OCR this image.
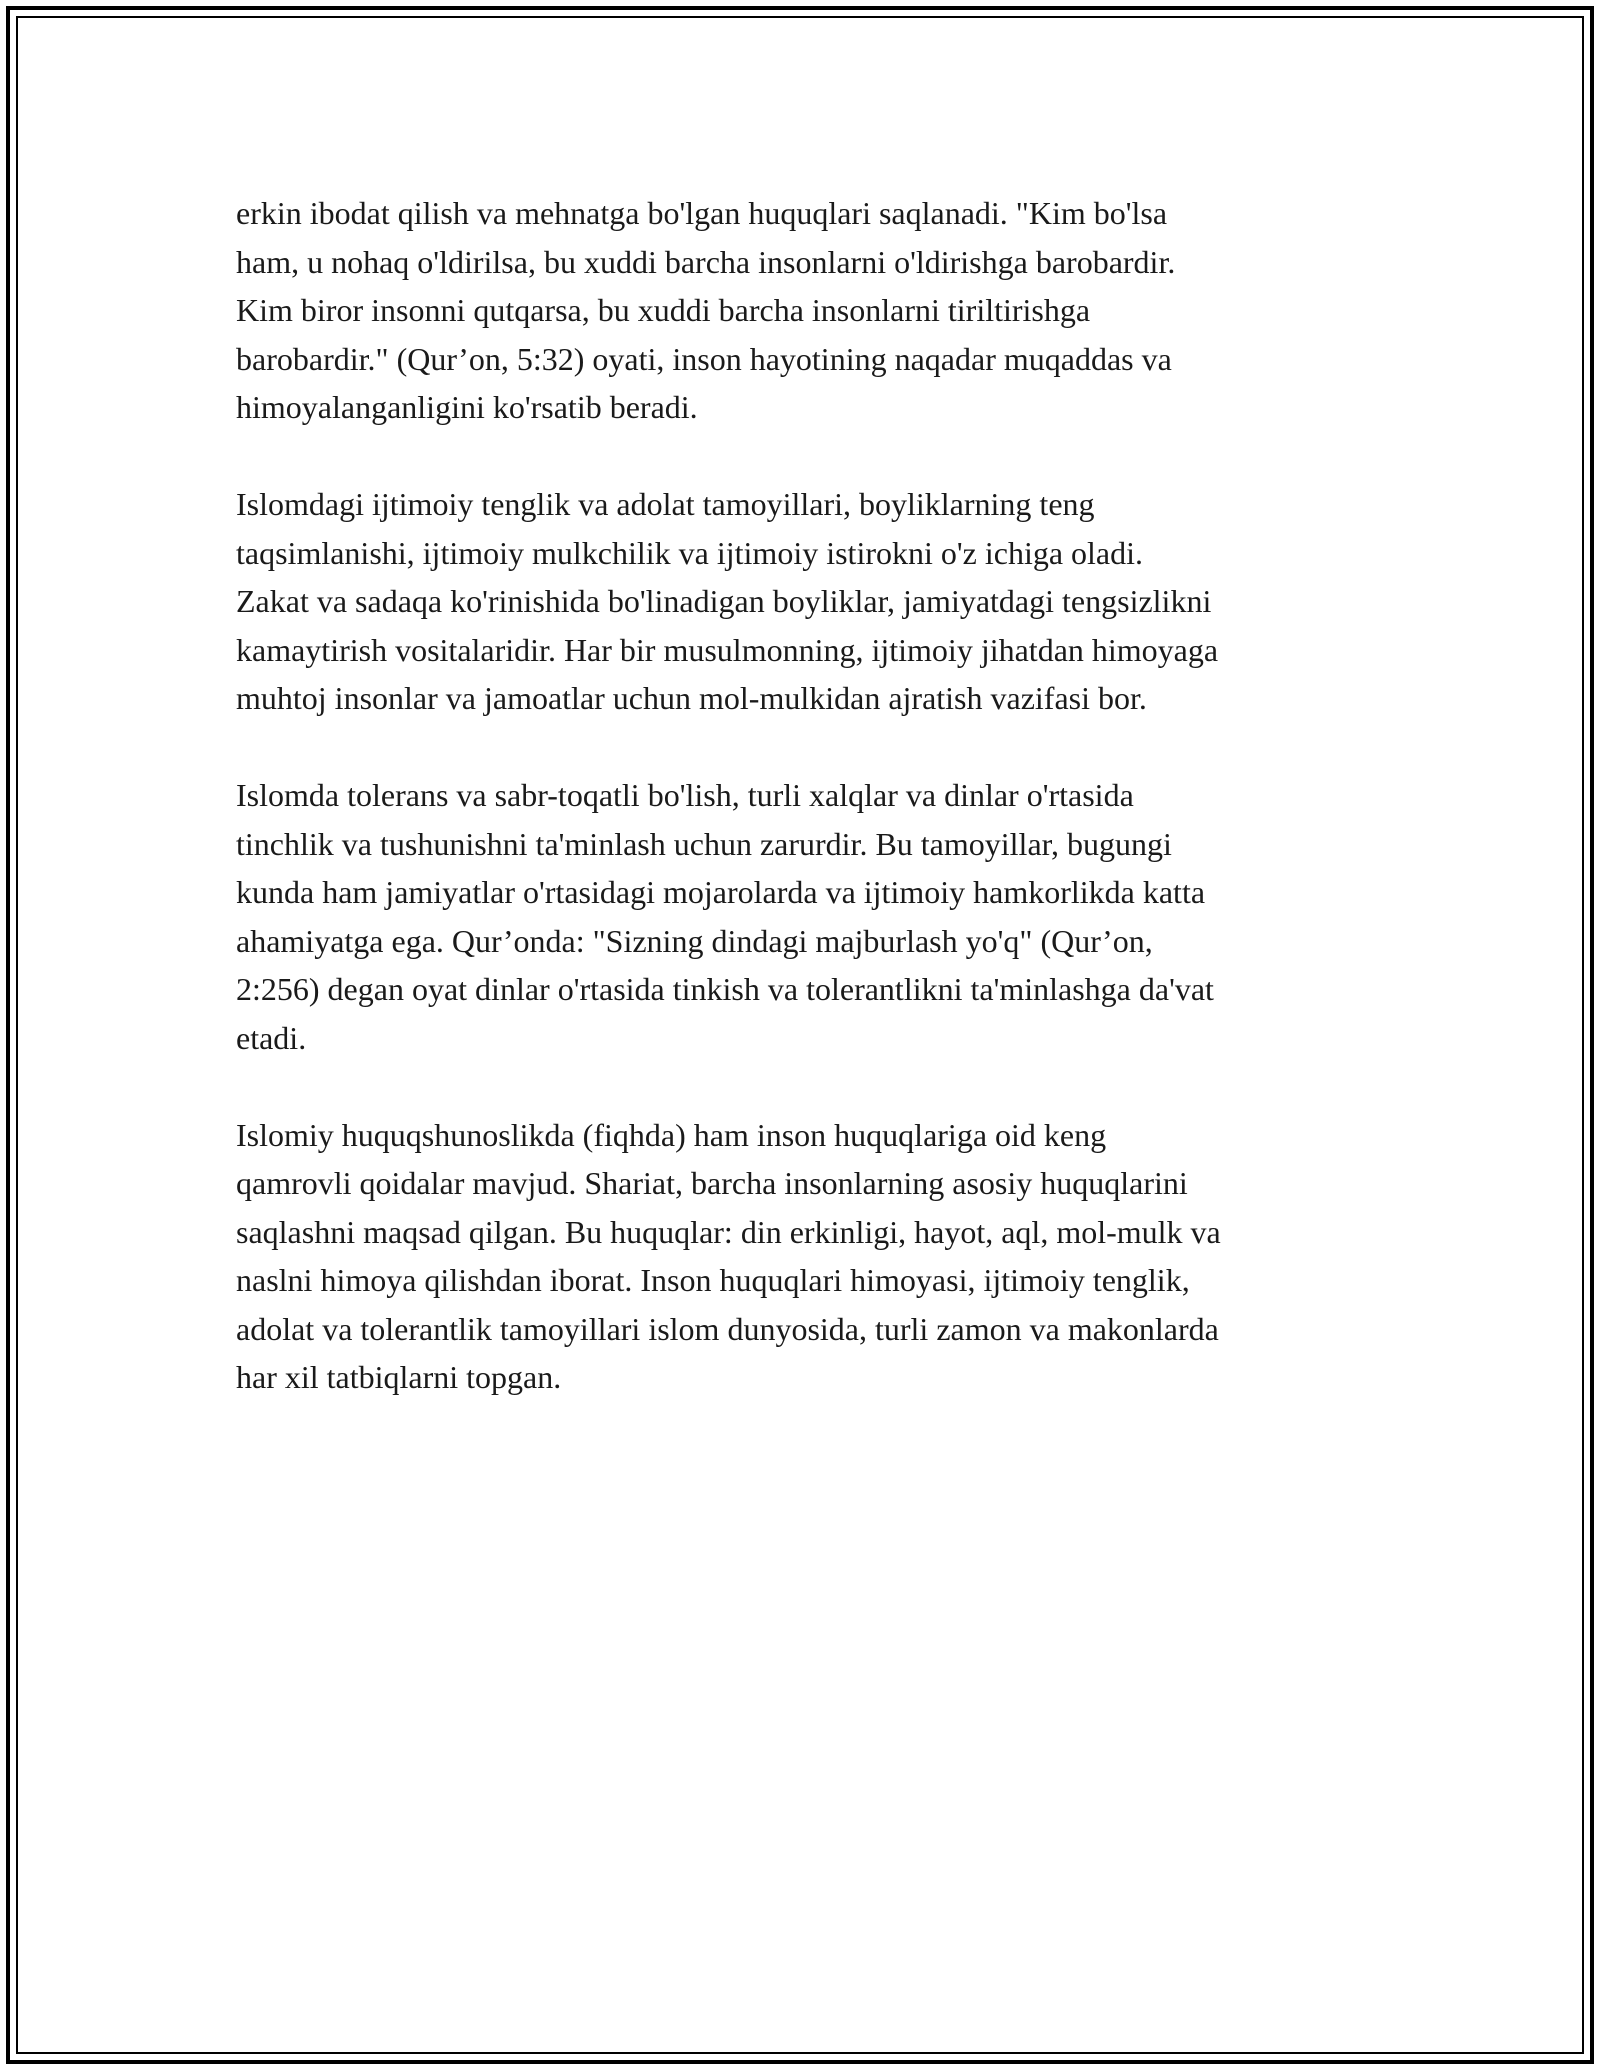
erkin ibodat qilish va mehnatga bo'lgan huquqlari saqlanadi. "Kim bo'lsa
ham, u nohaq o'ldirilsa, bu xuddi barcha insonlarni o'ldirishga barobardir.
Kim biror insonni qutqarsa, bu xuddi barcha insonlarni tiriltirishga
barobardir." (Qur’on, 5:32) oyati, inson hayotining naqadar muqaddas va
himoyalanganligini ko'rsatib beradi.

Islomdagi ijtimoiy tenglik va adolat tamoyillari, boyliklarning teng
taqsimlanishi, ijtimoiy mulkchilik va ijtimoiy istirokni o'z ichiga oladi.
Zakat va sadaqa ko'rinishida bo'linadigan boyliklar, jamiyatdagi tengsizlikni
kamaytirish vositalaridir. Har bir musulmonning, ijtimoiy jihatdan himoyaga
muhtoj insonlar va jamoatlar uchun mol-mulkidan ajratish vazifasi bor.

Islomda tolerans va sabr-toqatli bo'lish, turli xalqlar va dinlar o'rtasida
tinchlik va tushunishni ta'minlash uchun zarurdir. Bu tamoyillar, bugungi
kunda ham jamiyatlar o'rtasidagi mojarolarda va ijtimoiy hamkorlikda katta
ahamiyatga ega. Qur’onda: "Sizning dindagi majburlash yo'q" (Qur’on,
2:256) degan oyat dinlar o'rtasida tinkish va tolerantlikni ta'minlashga da'vat
etadi.

Islomiy huquqshunoslikda (fiqhda) ham inson huquqlariga oid keng
qamrovli qoidalar mavjud. Shariat, barcha insonlarning asosiy huquqlarini
saqlashni maqsad qilgan. Bu huquqlar: din erkinligi, hayot, aql, mol-mulk va
naslni himoya qilishdan iborat. Inson huquqlari himoyasi, ijtimoiy tenglik,
adolat va tolerantlik tamoyillari islom dunyosida, turli zamon va makonlarda
har xil tatbiqlarni topgan.
